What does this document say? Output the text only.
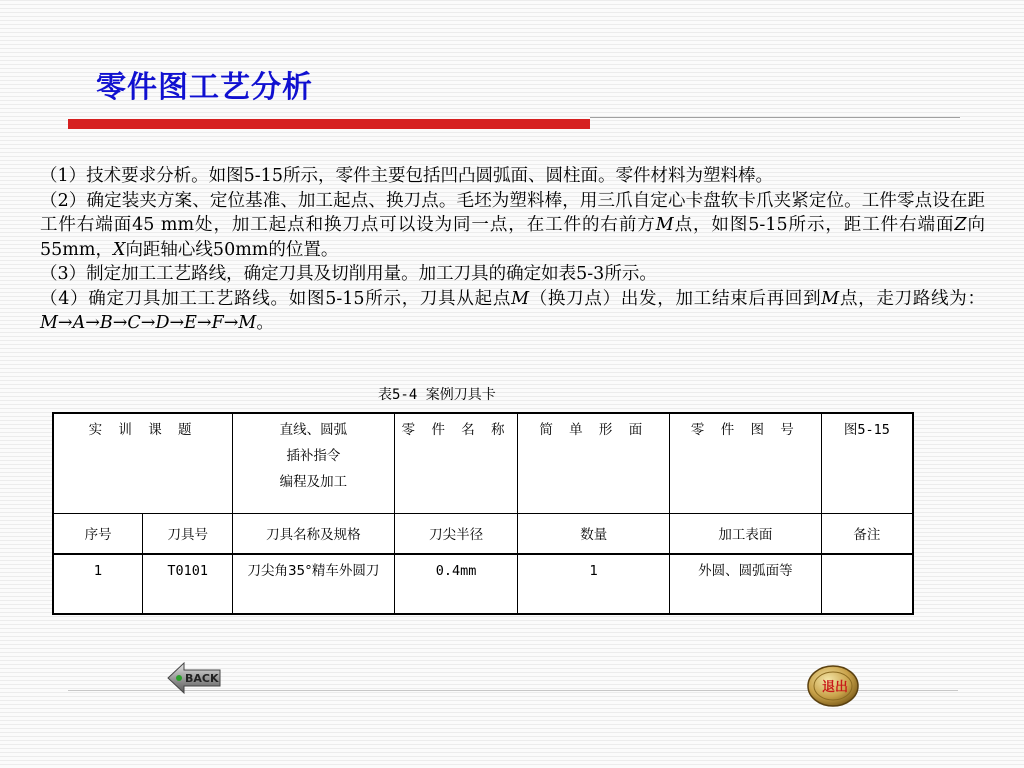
零件图工艺分析

（1）技术要求分析。如图5-15所示，零件主要包括凹凸圆弧面、圆柱面。零件材料为塑料棒。

（2）确定装夹方案、定位基准、加工起点、换刀点。毛坯为塑料棒，用三爪自定心卡盘软卡爪夹紧定位。工件零点设在距工件右端面45 mm处，加工起点和换刀点可以设为同一点，在工件的右前方M点，如图5-15所示，距工件右端面Z向55mm，X向距轴心线50mm的位置。

（3）制定加工工艺路线，确定刀具及切削用量。加工刀具的确定如表5-3所示。

（4）确定刀具加工工艺路线。如图5-15所示，刀具从起点M（换刀点）出发，加工结束后再回到M点，走刀路线为：M→A→B→C→D→E→F→M。

表5-4 案例刀具卡
实 训 课 题		直线、圆弧
插补指令
编程及加工	零 件 名 称	简 单 形 面	零 件 图 号	图5-15
序号	刀具号	刀具名称及规格	刀尖半径	数量	加工表面	备注
1	T0101	刀尖角35°精车外圆刀	0.4mm	1	外圆、圆弧面等	
BACK
退出
